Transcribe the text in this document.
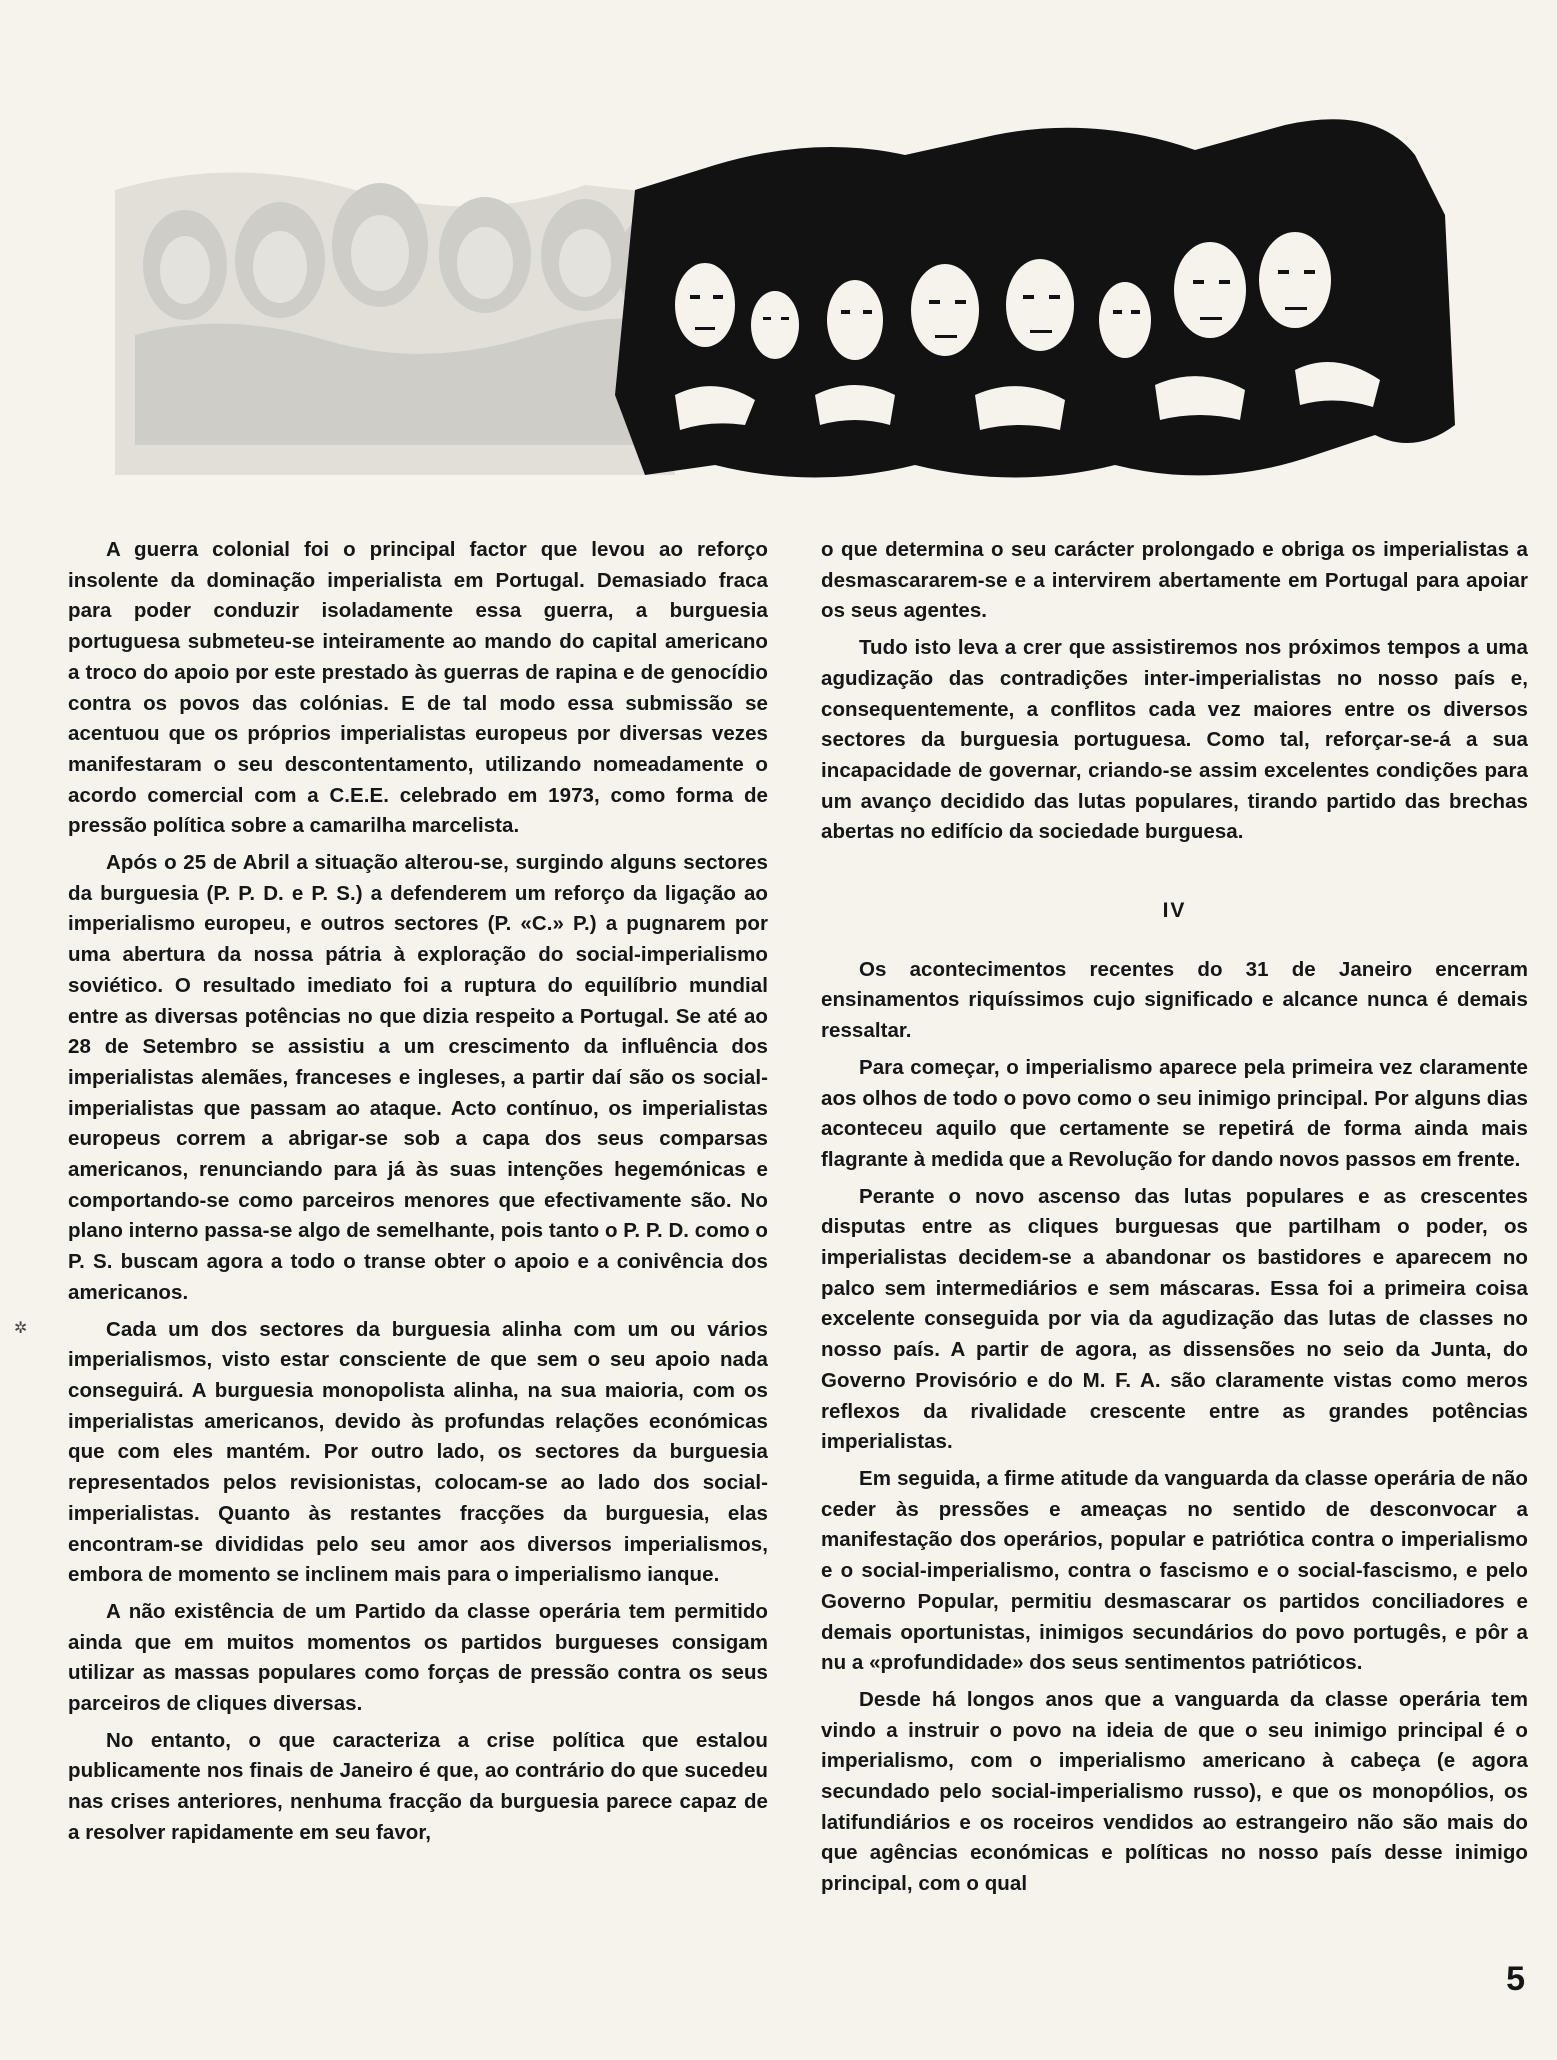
A guerra colonial foi o principal factor que levou ao reforço insolente da dominação imperialista em Portugal. Demasiado fraca para poder conduzir isoladamente essa guerra, a burguesia portuguesa submeteu-se inteiramente ao mando do capital americano a troco do apoio por este prestado às guerras de rapina e de genocídio contra os povos das colónias. E de tal modo essa submissão se acentuou que os próprios imperialistas europeus por diversas vezes manifestaram o seu descontentamento, utilizando nomeadamente o acordo comercial com a C.E.E. celebrado em 1973, como forma de pressão política sobre a camarilha marcelista.

Após o 25 de Abril a situação alterou-se, surgindo alguns sectores da burguesia (P. P. D. e P. S.) a defenderem um reforço da ligação ao imperialismo europeu, e outros sectores (P. «C.» P.) a pugnarem por uma abertura da nossa pátria à exploração do social-imperialismo soviético. O resultado imediato foi a ruptura do equilíbrio mundial entre as diversas potências no que dizia respeito a Portugal. Se até ao 28 de Setembro se assistiu a um crescimento da influência dos imperialistas alemães, franceses e ingleses, a partir daí são os social-imperialistas que passam ao ataque. Acto contínuo, os imperialistas europeus correm a abrigar-se sob a capa dos seus comparsas americanos, renunciando para já às suas intenções hegemónicas e comportando-se como parceiros menores que efectivamente são. No plano interno passa-se algo de semelhante, pois tanto o P. P. D. como o P. S. buscam agora a todo o transe obter o apoio e a conivência dos americanos.

Cada um dos sectores da burguesia alinha com um ou vários imperialismos, visto estar consciente de que sem o seu apoio nada conseguirá. A burguesia monopolista alinha, na sua maioria, com os imperialistas americanos, devido às profundas relações económicas que com eles mantém. Por outro lado, os sectores da burguesia representados pelos revisionistas, colocam-se ao lado dos social-imperialistas. Quanto às restantes fracções da burguesia, elas encontram-se divididas pelo seu amor aos diversos imperialismos, embora de momento se inclinem mais para o imperialismo ianque.

A não existência de um Partido da classe operária tem permitido ainda que em muitos momentos os partidos burgueses consigam utilizar as massas populares como forças de pressão contra os seus parceiros de cliques diversas.

No entanto, o que caracteriza a crise política que estalou publicamente nos finais de Janeiro é que, ao contrário do que sucedeu nas crises anteriores, nenhuma fracção da burguesia parece capaz de a resolver rapidamente em seu favor,

o que determina o seu carácter prolongado e obriga os imperialistas a desmascararem-se e a intervirem abertamente em Portugal para apoiar os seus agentes.

Tudo isto leva a crer que assistiremos nos próximos tempos a uma agudização das contradições inter-imperialistas no nosso país e, consequentemente, a conflitos cada vez maiores entre os diversos sectores da burguesia portuguesa. Como tal, reforçar-se-á a sua incapacidade de governar, criando-se assim excelentes condições para um avanço decidido das lutas populares, tirando partido das brechas abertas no edifício da sociedade burguesa.

IV

Os acontecimentos recentes do 31 de Janeiro encerram ensinamentos riquíssimos cujo significado e alcance nunca é demais ressaltar.

Para começar, o imperialismo aparece pela primeira vez claramente aos olhos de todo o povo como o seu inimigo principal. Por alguns dias aconteceu aquilo que certamente se repetirá de forma ainda mais flagrante à medida que a Revolução for dando novos passos em frente.

Perante o novo ascenso das lutas populares e as crescentes disputas entre as cliques burguesas que partilham o poder, os imperialistas decidem-se a abandonar os bastidores e aparecem no palco sem intermediários e sem máscaras. Essa foi a primeira coisa excelente conseguida por via da agudização das lutas de classes no nosso país. A partir de agora, as dissensões no seio da Junta, do Governo Provisório e do M. F. A. são claramente vistas como meros reflexos da rivalidade crescente entre as grandes potências imperialistas.

Em seguida, a firme atitude da vanguarda da classe operária de não ceder às pressões e ameaças no sentido de desconvocar a manifestação dos operários, popular e patriótica contra o imperialismo e o social-imperialismo, contra o fascismo e o social-fascismo, e pelo Governo Popular, permitiu desmascarar os partidos conciliadores e demais oportunistas, inimigos secundários do povo portugês, e pôr a nu a «profundidade» dos seus sentimentos patrióticos.

Desde há longos anos que a vanguarda da classe operária tem vindo a instruir o povo na ideia de que o seu inimigo principal é o imperialismo, com o imperialismo americano à cabeça (e agora secundado pelo social-imperialismo russo), e que os monopólios, os latifundiários e os roceiros vendidos ao estrangeiro não são mais do que agências económicas e políticas no nosso país desse inimigo principal, com o qual

✲
5
